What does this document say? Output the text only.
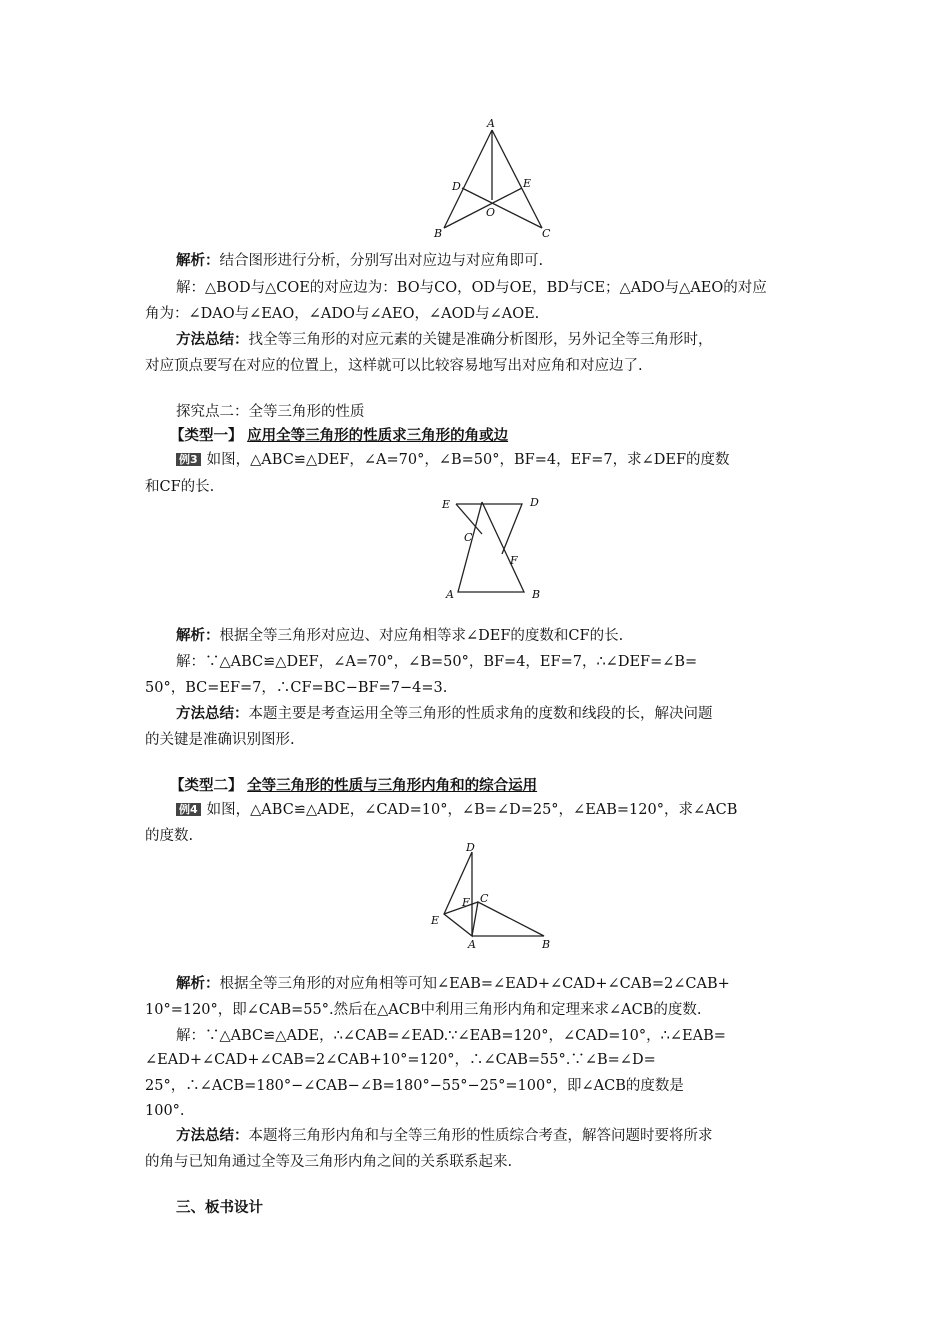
A
D	E
O
B	C
解析：结合图形进行分析，分别写出对应边与对应角即可.
解：△BOD与△COE的对应边为：BO与CO，OD与OE，BD与CE；△ADO与△AEO的对应
角为：∠DAO与∠EAO，∠ADO与∠AEO，∠AOD与∠AOE.
方法总结：找全等三角形的对应元素的关键是准确分析图形，另外记全等三角形时，
对应顶点要写在对应的位置上，这样就可以比较容易地写出对应角和对应边了.
探究点二：全等三角形的性质
【类型一】 应用全等三角形的性质求三角形的角或边
例3 如图，△ABC≌△DEF，∠A=70°，∠B=50°，BF=4，EF=7，求∠DEF的度数
和CF的长.
E	D
C
F
A	B
解析：根据全等三角形对应边、对应角相等求∠DEF的度数和CF的长.
解：∵△ABC≌△DEF，∠A=70°，∠B=50°，BF=4，EF=7，∴∠DEF=∠B=
50°，BC=EF=7，∴CF=BC−BF=7−4=3.
方法总结：本题主要是考查运用全等三角形的性质求角的度数和线段的长，解决问题
的关键是准确识别图形.
【类型二】 全等三角形的性质与三角形内角和的综合运用
例4 如图，△ABC≌△ADE，∠CAD=10°，∠B=∠D=25°，∠EAB=120°，求∠ACB
的度数.
D
F C
E
A	B
解析：根据全等三角形的对应角相等可知∠EAB=∠EAD+∠CAD+∠CAB=2∠CAB+
10°=120°，即∠CAB=55°.然后在△ACB中利用三角形内角和定理来求∠ACB的度数.
解：∵△ABC≌△ADE，∴∠CAB=∠EAD.∵∠EAB=120°，∠CAD=10°，∴∠EAB=
∠EAD+∠CAD+∠CAB=2∠CAB+10°=120°，∴∠CAB=55°.∵∠B=∠D=
25°，∴∠ACB=180°−∠CAB−∠B=180°−55°−25°=100°，即∠ACB的度数是
100°.
方法总结：本题将三角形内角和与全等三角形的性质综合考查，解答问题时要将所求
的角与已知角通过全等及三角形内角之间的关系联系起来.
三、板书设计
